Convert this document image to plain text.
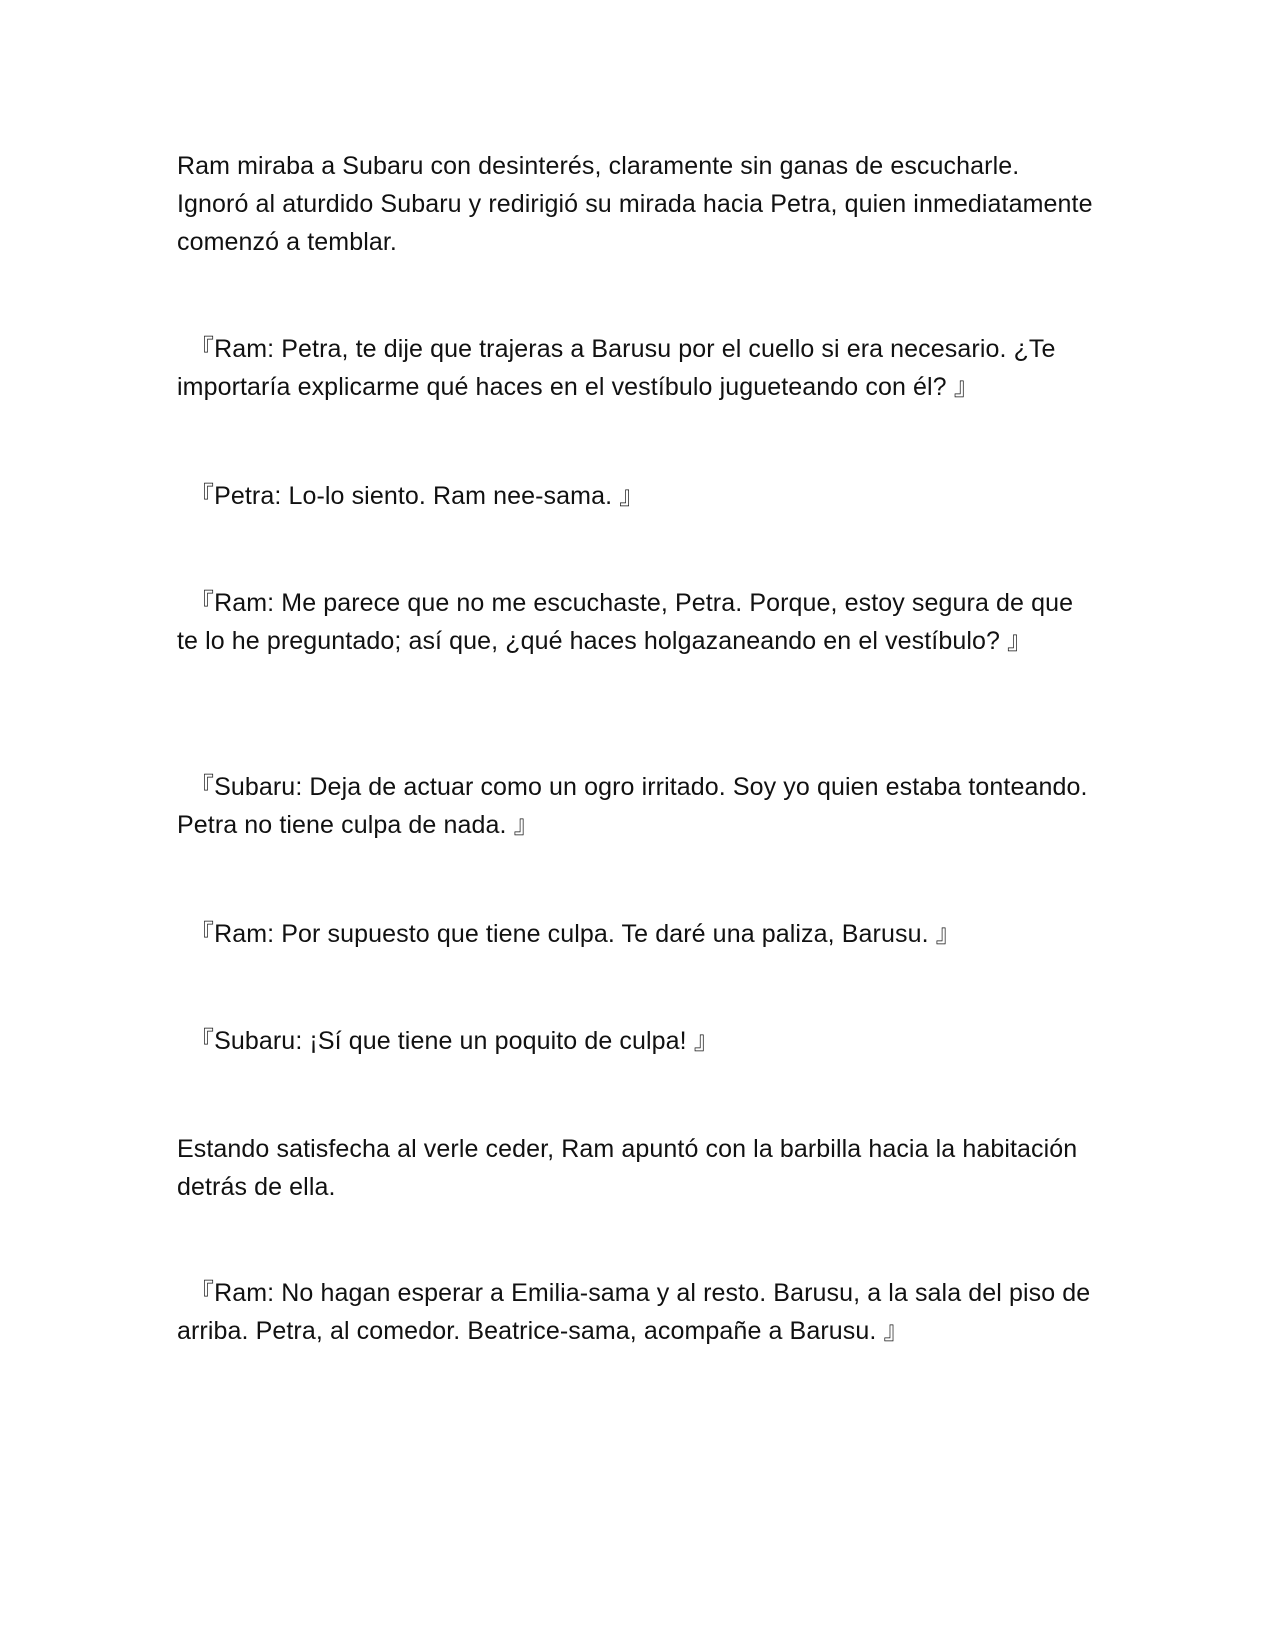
Ram miraba a Subaru con desinterés, claramente sin ganas de escucharle. Ignoró al aturdido Subaru y redirigió su mirada hacia Petra, quien inmediatamente comenzó a temblar.

『Ram: Petra, te dije que trajeras a Barusu por el cuello si era necesario. ¿Te importaría explicarme qué haces en el vestíbulo jugueteando con él? 』

『Petra: Lo-lo siento. Ram nee-sama. 』

『Ram: Me parece que no me escuchaste, Petra. Porque, estoy segura de que te lo he preguntado; así que, ¿qué haces holgazaneando en el vestíbulo? 』

『Subaru: Deja de actuar como un ogro irritado. Soy yo quien estaba tonteando. Petra no tiene culpa de nada. 』

『Ram: Por supuesto que tiene culpa. Te daré una paliza, Barusu. 』

『Subaru: ¡Sí que tiene un poquito de culpa! 』

Estando satisfecha al verle ceder, Ram apuntó con la barbilla hacia la habitación detrás de ella.

『Ram: No hagan esperar a Emilia-sama y al resto. Barusu, a la sala del piso de arriba. Petra, al comedor. Beatrice-sama, acompañe a Barusu. 』
